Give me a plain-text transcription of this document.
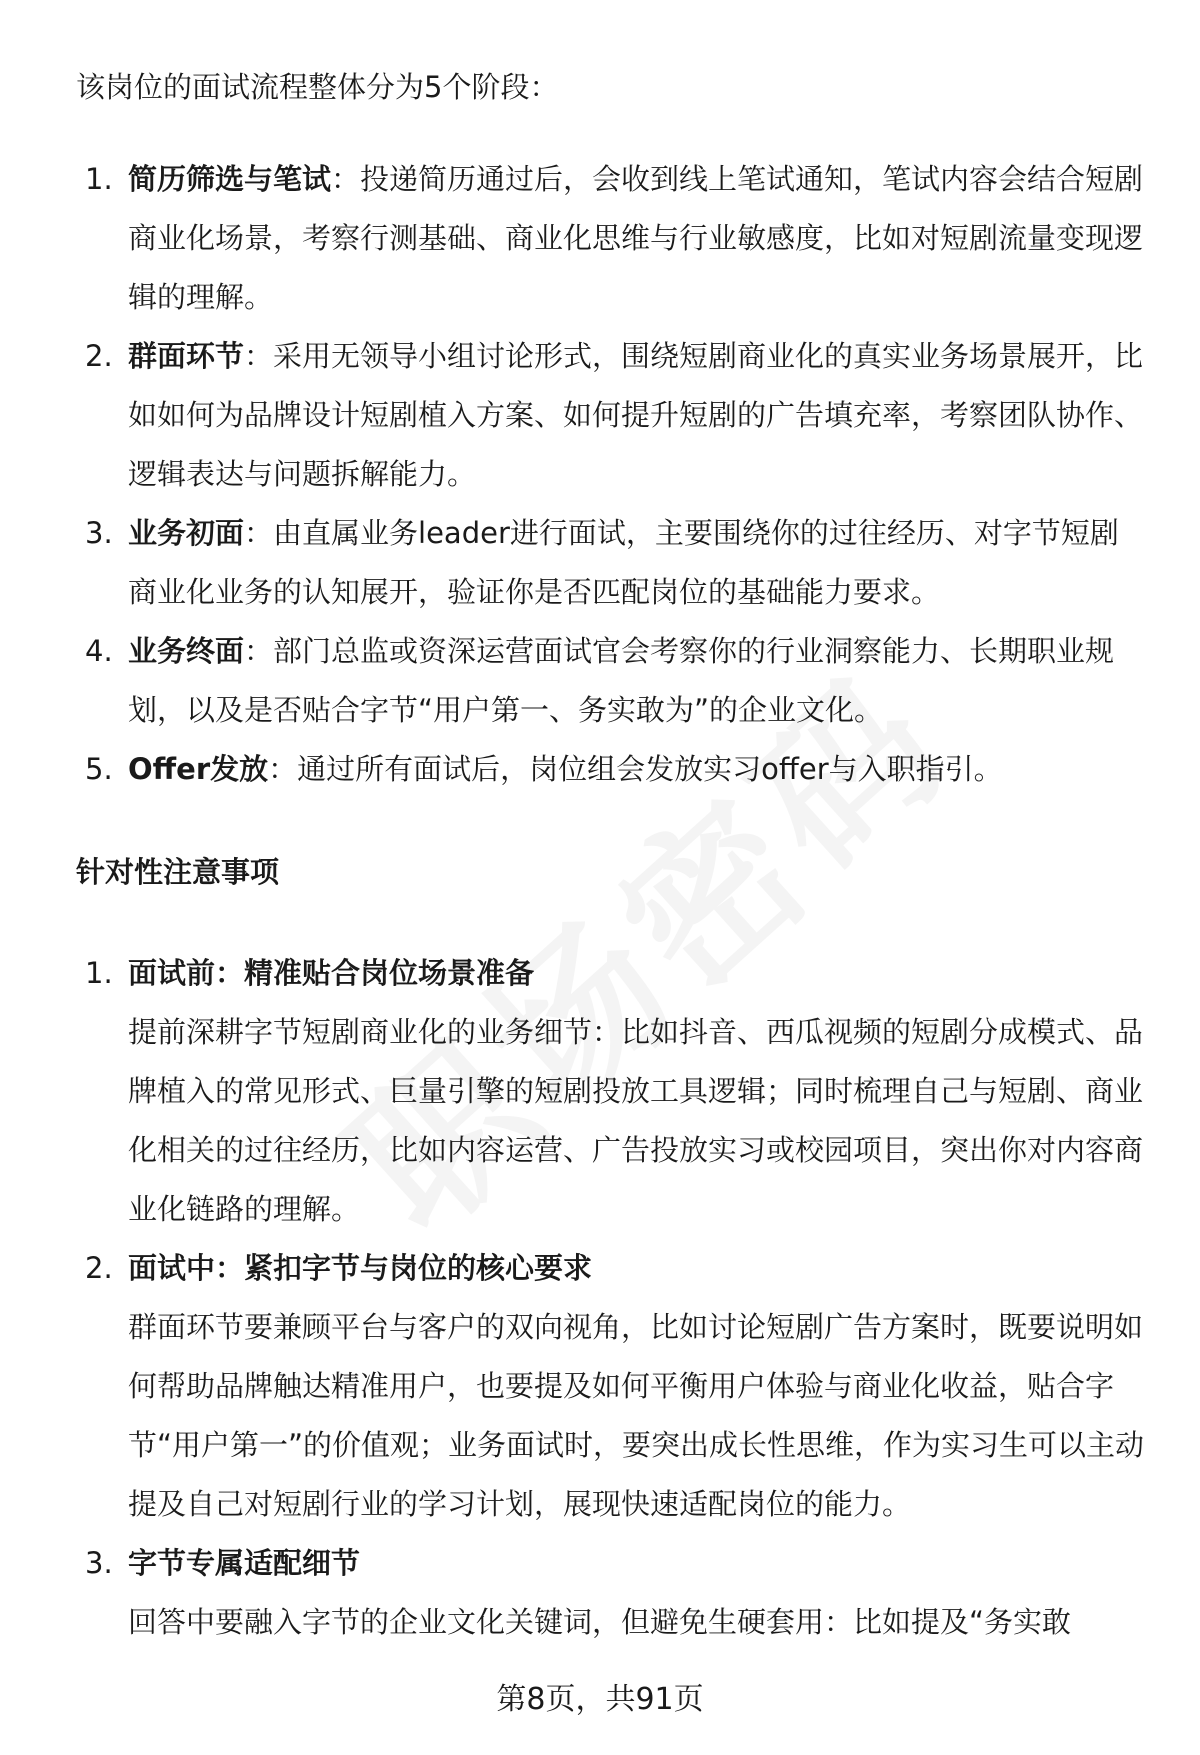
该岗位的面试流程整体分为5个阶段：
1. 简历筛选与笔试：投递简历通过后，会收到线上笔试通知，笔试内容会结合短剧商业化场景，考察行测基础、商业化思维与行业敏感度，比如对短剧流量变现逻辑的理解。
2. 群面环节：采用无领导小组讨论形式，围绕短剧商业化的真实业务场景展开，比如如何为品牌设计短剧植入方案、如何提升短剧的广告填充率，考察团队协作、逻辑表达与问题拆解能力。
3. 业务初面：由直属业务leader进行面试，主要围绕你的过往经历、对字节短剧商业化业务的认知展开，验证你是否匹配岗位的基础能力要求。
4. 业务终面：部门总监或资深运营面试官会考察你的行业洞察能力、长期职业规划，以及是否贴合字节“用户第一、务实敢为”的企业文化。
5. Offer发放：通过所有面试后，岗位组会发放实习offer与入职指引。
针对性注意事项
1. 面试前：精准贴合岗位场景准备
提前深耕字节短剧商业化的业务细节：比如抖音、西瓜视频的短剧分成模式、品牌植入的常见形式、巨量引擎的短剧投放工具逻辑；同时梳理自己与短剧、商业化相关的过往经历，比如内容运营、广告投放实习或校园项目，突出你对内容商业化链路的理解。
2. 面试中：紧扣字节与岗位的核心要求
群面环节要兼顾平台与客户的双向视角，比如讨论短剧广告方案时，既要说明如何帮助品牌触达精准用户，也要提及如何平衡用户体验与商业化收益，贴合字节“用户第一”的价值观；业务面试时，要突出成长性思维，作为实习生可以主动提及自己对短剧行业的学习计划，展现快速适配岗位的能力。
3. 字节专属适配细节
回答中要融入字节的企业文化关键词，但避免生硬套用：比如提及“务实敢
第8页，共91页
